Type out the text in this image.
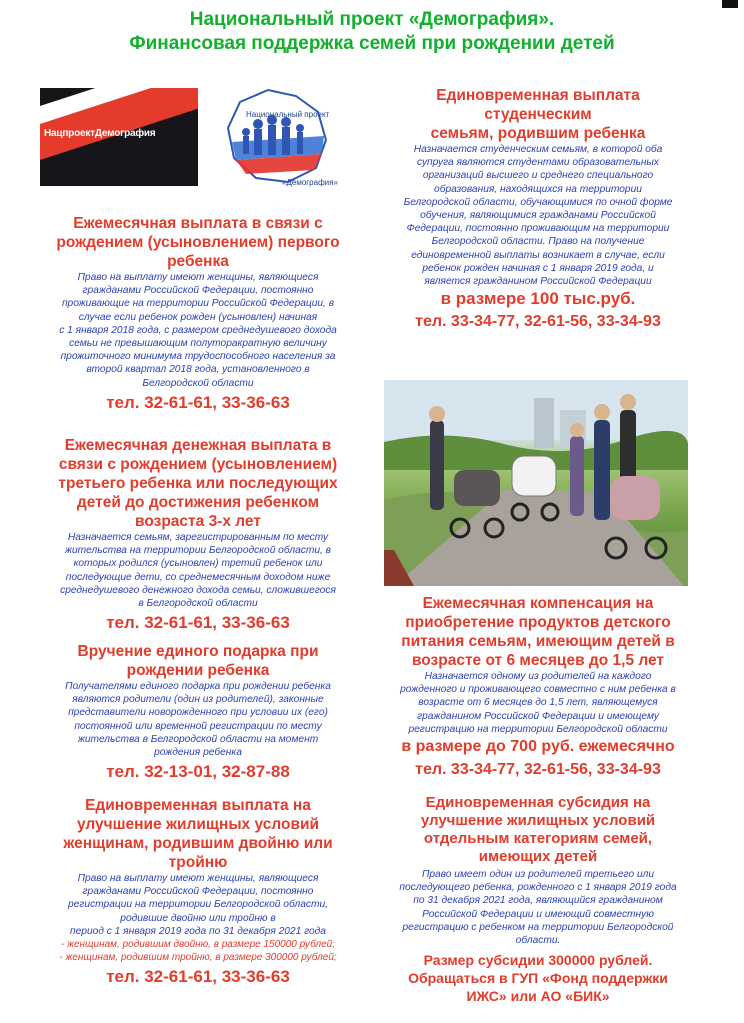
Национальный проект «Демография».
Финансовая поддержка семей при рождении детей
НацпроектДемография
Национальный проект
«Демография»
Ежемесячная выплата в связи с
рождением (усыновлением) первого
ребенка
Право на выплату имеют женщины, являющиеся
гражданами Российской Федерации, постоянно
проживающие на территории Российской Федерации, в
случае если ребенок рожден (усыновлен) начиная
с 1 января 2018 года, с размером среднедушевого дохода
семьи не превышающим полуторакратную величину
прожиточного минимума трудоспособного населения за
второй квартал 2018 года, установленного в
Белгородской области
тел. 32-61-61, 33-36-63
Ежемесячная денежная выплата в
связи с рождением (усыновлением)
третьего ребенка или последующих
детей до достижения ребенком
возраста 3-х лет
Назначается семьям, зарегистрированным по месту
жительства на территории Белгородской области, в
которых родился (усыновлен) третий ребенок или
последующие дети, со среднемесячным доходом ниже
среднедушевого денежного дохода семьи, сложившегося
в Белгородской области
тел. 32-61-61, 33-36-63
Вручение единого подарка при
рождении ребенка
Получателями единого подарка при рождении ребенка
являются родители (один из родителей), законные
представители новорожденного при условии их (его)
постоянной или временной регистрации по месту
жительства в Белгородской области на момент
рождения ребенка
тел. 32-13-01, 32-87-88
Единовременная выплата на
улучшение жилищных условий
женщинам, родившим двойню или
тройню
Право на выплату имеют женщины, являющиеся
гражданами Российской Федерации, постоянно
регистрации на территории Белгородской области,
родившие двойню или тройню в
период с 1 января 2019 года по 31 декабря 2021 года
- женщинам, родившим двойню, в размере 150000 рублей;
- женщинам, родившим тройню, в размере 300000 рублей;
тел. 32-61-61, 33-36-63
Единовременная выплата
студенческим
семьям, родившим ребенка
Назначается студенческим семьям, в которой оба
супруга являются студентами образовательных
организаций высшего и среднего специального
образования, находящихся на территории
Белгородской области, обучающимися по очной форме
обучения, являющимися гражданами Российской
Федерации, постоянно проживающим на территории
Белгородской области. Право на получение
единовременной выплаты возникает в случае, если
ребенок рожден начиная с 1 января 2019 года, и
является гражданином Российской Федерации
в размере 100 тыс.руб.
тел. 33-34-77, 32-61-56, 33-34-93
Ежемесячная компенсация на
приобретение продуктов детского
питания семьям, имеющим детей в
возрасте от 6 месяцев до 1,5 лет
Назначается одному из родителей на каждого
рожденного и проживающего совместно с ним ребенка в
возрасте от 6 месяцев до 1,5 лет, являющемуся
гражданином Российской Федерации и имеющему
регистрацию на территории Белгородской области
в размере до 700 руб. ежемесячно
тел. 33-34-77, 32-61-56, 33-34-93
Единовременная субсидия на
улучшение жилищных условий
отдельным категориям семей,
имеющих детей
Право имеет один из родителей третьего или
последующего ребенка, рожденного с 1 января 2019 года
по 31 декабря 2021 года, являющийся гражданином
Российской Федерации и имеющий совместную
регистрацию с ребенком на территории Белгородской
области.
Размер субсидии 300000 рублей.
Обращаться в ГУП «Фонд поддержки
ИЖС» или АО «БИК»
